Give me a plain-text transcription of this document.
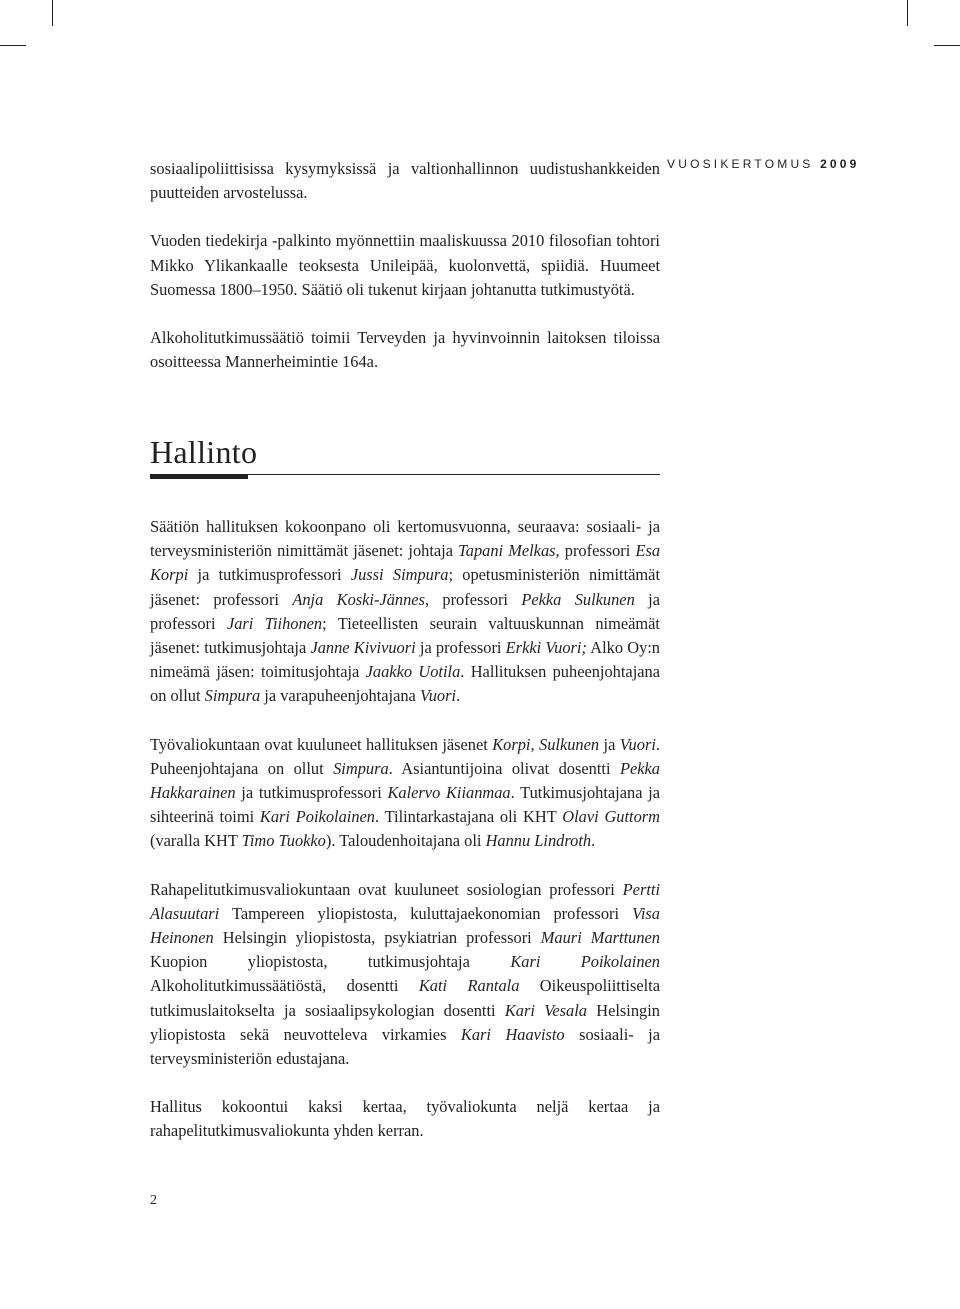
VUOSIKERTOMUS 2009

sosiaalipoliittisissa kysymyksissä ja valtionhallinnon uudistushankkeiden puutteiden arvostelussa.

Vuoden tiedekirja -palkinto myönnettiin maaliskuussa 2010 filosofian tohtori Mikko Ylikankaalle teoksesta Unileipää, kuolonvettä, spiidiä. Huumeet Suomessa 1800–1950. Säätiö oli tukenut kirjaan johtanutta tutkimustyötä.

Alkoholitutkimussäätiö toimii Terveyden ja hyvinvoinnin laitoksen tiloissa osoitteessa Mannerheimintie 164a.

Hallinto

Säätiön hallituksen kokoonpano oli kertomusvuonna, seuraava: sosiaali- ja terveysministeriön nimittämät jäsenet: johtaja Tapani Melkas, professori Esa Korpi ja tutkimusprofessori Jussi Simpura; opetusministeriön nimittämät jäsenet: professori Anja Koski-Jännes, professori Pekka Sulkunen ja professori Jari Tiihonen; Tieteellisten seurain valtuuskunnan nimeämät jäsenet: tutkimusjohtaja Janne Kivivuori ja professori Erkki Vuori; Alko Oy:n nimeämä jäsen: toimitusjohtaja Jaakko Uotila. Hallituksen puheenjohtajana on ollut Simpura ja varapuheenjohtajana Vuori.

Työvaliokuntaan ovat kuuluneet hallituksen jäsenet Korpi, Sulkunen ja Vuori. Puheenjohtajana on ollut Simpura. Asiantuntijoina olivat dosentti Pekka Hakkarainen ja tutkimusprofessori Kalervo Kiianmaa. Tutkimusjohtajana ja sihteerinä toimi Kari Poikolainen. Tilintarkastajana oli KHT Olavi Guttorm (varalla KHT Timo Tuokko). Taloudenhoitajana oli Hannu Lindroth.

Rahapelitutkimusvaliokuntaan ovat kuuluneet sosiologian professori Pertti Alasuutari Tampereen yliopistosta, kuluttajaekonomian professori Visa Heinonen Helsingin yliopistosta, psykiatrian professori Mauri Marttunen Kuopion yliopistosta, tutkimusjohtaja Kari Poikolainen Alkoholitutkimussäätiöstä, dosentti Kati Rantala Oikeuspoliittiselta tutkimuslaitokselta ja sosiaalipsykologian dosentti Kari Vesala Helsingin yliopistosta sekä neuvotteleva virkamies Kari Haavisto sosiaali- ja terveysministeriön edustajana.

Hallitus kokoontui kaksi kertaa, työvaliokunta neljä kertaa ja rahapelitutkimusvaliokunta yhden kerran.

2
